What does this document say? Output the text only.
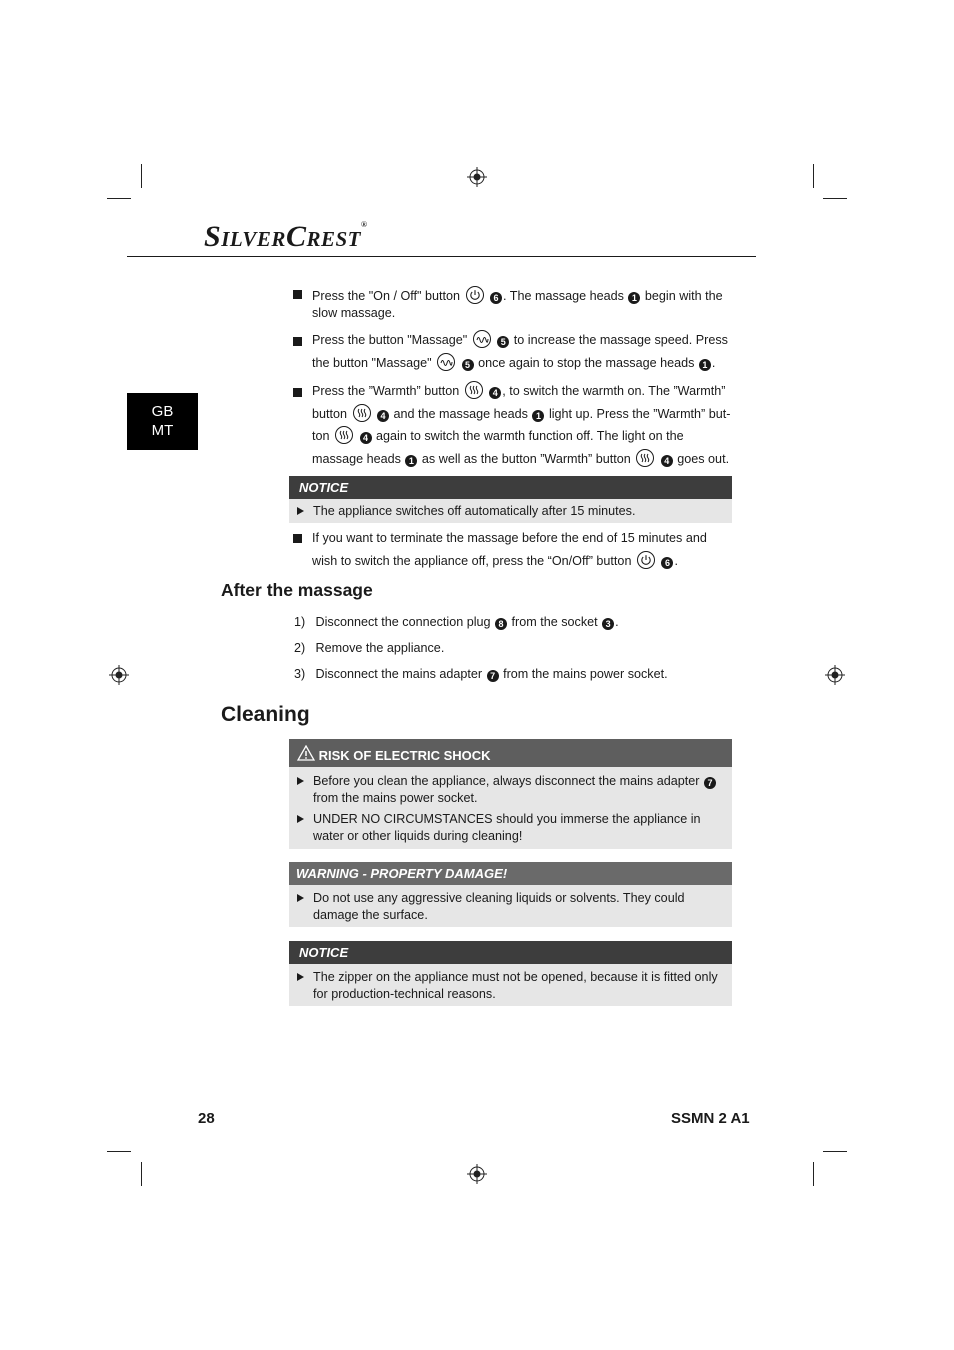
SILVERCREST®
GB
MT
Press the "On / Off" button	6 . The massage heads 1 begin with the slow massage.
Press the button "Massage"	5 to increase the massage speed. Press the button "Massage"	5 once again to stop the massage heads 1 .
Press the ”Warmth” button	4 , to switch the warmth on. The ”Warmth” button	4 and the massage heads 1 light up. Press the ”Warmth” but-ton	4 again to switch the warmth function off. The light on the massage heads 1 as well as the button ”Warmth” button	4 goes out.
NOTICE
The appliance switches off automatically after 15 minutes.
If you want to terminate the massage before the end of 15 minutes and wish to switch the appliance off, press the “On/Off” button	6 .
After the massage
1) Disconnect the connection plug 8 from the socket 3 .
2) Remove the appliance.
3) Disconnect the mains adapter 7 from the mains power socket.
Cleaning
RISK OF ELECTRIC SHOCK
Before you clean the appliance, always disconnect the mains adapter 7 from the mains power socket.
UNDER NO CIRCUMSTANCES should you immerse the appliance in water or other liquids during cleaning!
WARNING - PROPERTY DAMAGE!
Do not use any aggressive cleaning liquids or solvents. They could damage the surface.
NOTICE
The zipper on the appliance must not be opened, because it is fitted only for production-technical reasons.
28	SSMN 2 A1
